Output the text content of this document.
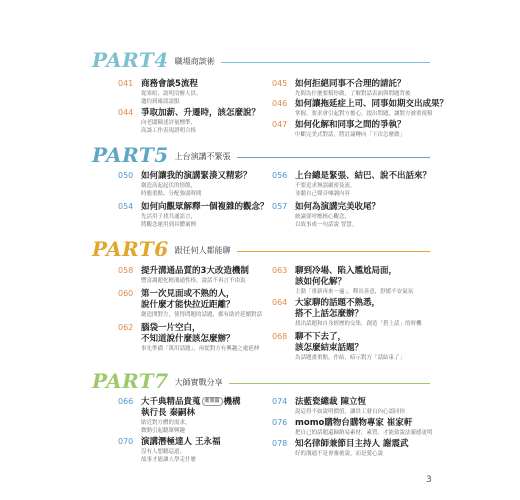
PART4 職場商談術
041 商務會談5流程
從寒暄、說明洽辦人員、
邀約到確認說服
044 爭取加薪、升遷時，該怎麼說？
向老闆陳述評量標準、
高談工作表現證明合格
045 如何拒絕同事不合理的請託？
先間為什麼要幫你做，了解對話表面與問題背後
046 如何讓拖延症上司、同事如期交出成果？
掌握、要求會引起對方擔心，提出問題，讓對方被重視幫
047 如何化解和同事之間的爭執？
中斷完美式對話，將討論轉向「下次怎麼做」
PART5 上台演講不緊張
050 如何讓我的演講緊湊又精彩？
創造高起起伏的情節，
時態重點、分配強弱時間
054 如何向觀眾解釋一個複雜的觀念？
先活用子找共通語言，
將觀念運用到具體案例
056 上台總是緊張、結巴、說不出話來？
不要追求無誤嚴密及流，
並聽自己聲音嗓調內容
057 如何為演講完美收尾？
統論要呼應核心觀念，
以故事成一句話說 智慧。
PART6 跟任何人都能聊
058 提升溝通品質的3大改造機制
豐富調題化輕溝通性格，說話不再言不由衷
060 第一次見面或不熟的人，
說什麼才能快拉近距離？
創造開對方，使得問題的話題，都有助於延續對話
062 腦袋一片空白，
不知道說什麼該怎麼辦？
事先準備「萬用話題」，再從對方有興趣之處延伸
063 聊到冷場、陷入尷尬局面，
該如何化解？
主動「重新再來一遍」，釋出善意，舒緩不安氣氛
064 大家聊的話題不熟悉，
搭不上話怎麼辦？
找出話題和自身經歷的交集，創造「搭上話」的時機
068 聊不下去了，
該怎麼結束話題？
為話題畫重點，作結，暗示對方「話結束了」
PART7 大師實戰分享
066 大千典精品貴蒐 產業篇 機構
執行長 秦嗣林
貼近對方體的需求，
微動引起聽眾興趣
070 演講潛極達人 王永福
沒有人想聽這道，
故事才能讓人學走什麼
074 法藍瓷總裁 陳立恆
說這得不如說明價值，讓員工發自內心認同你
076 momo購物台購物專家 崔家軒
把自己的話題還歸納易素材，素質、才能致說法靈感更明
078 知名律師兼節目主持人 謝震武
好的溝通不是會審後說，而是愛心說
3
